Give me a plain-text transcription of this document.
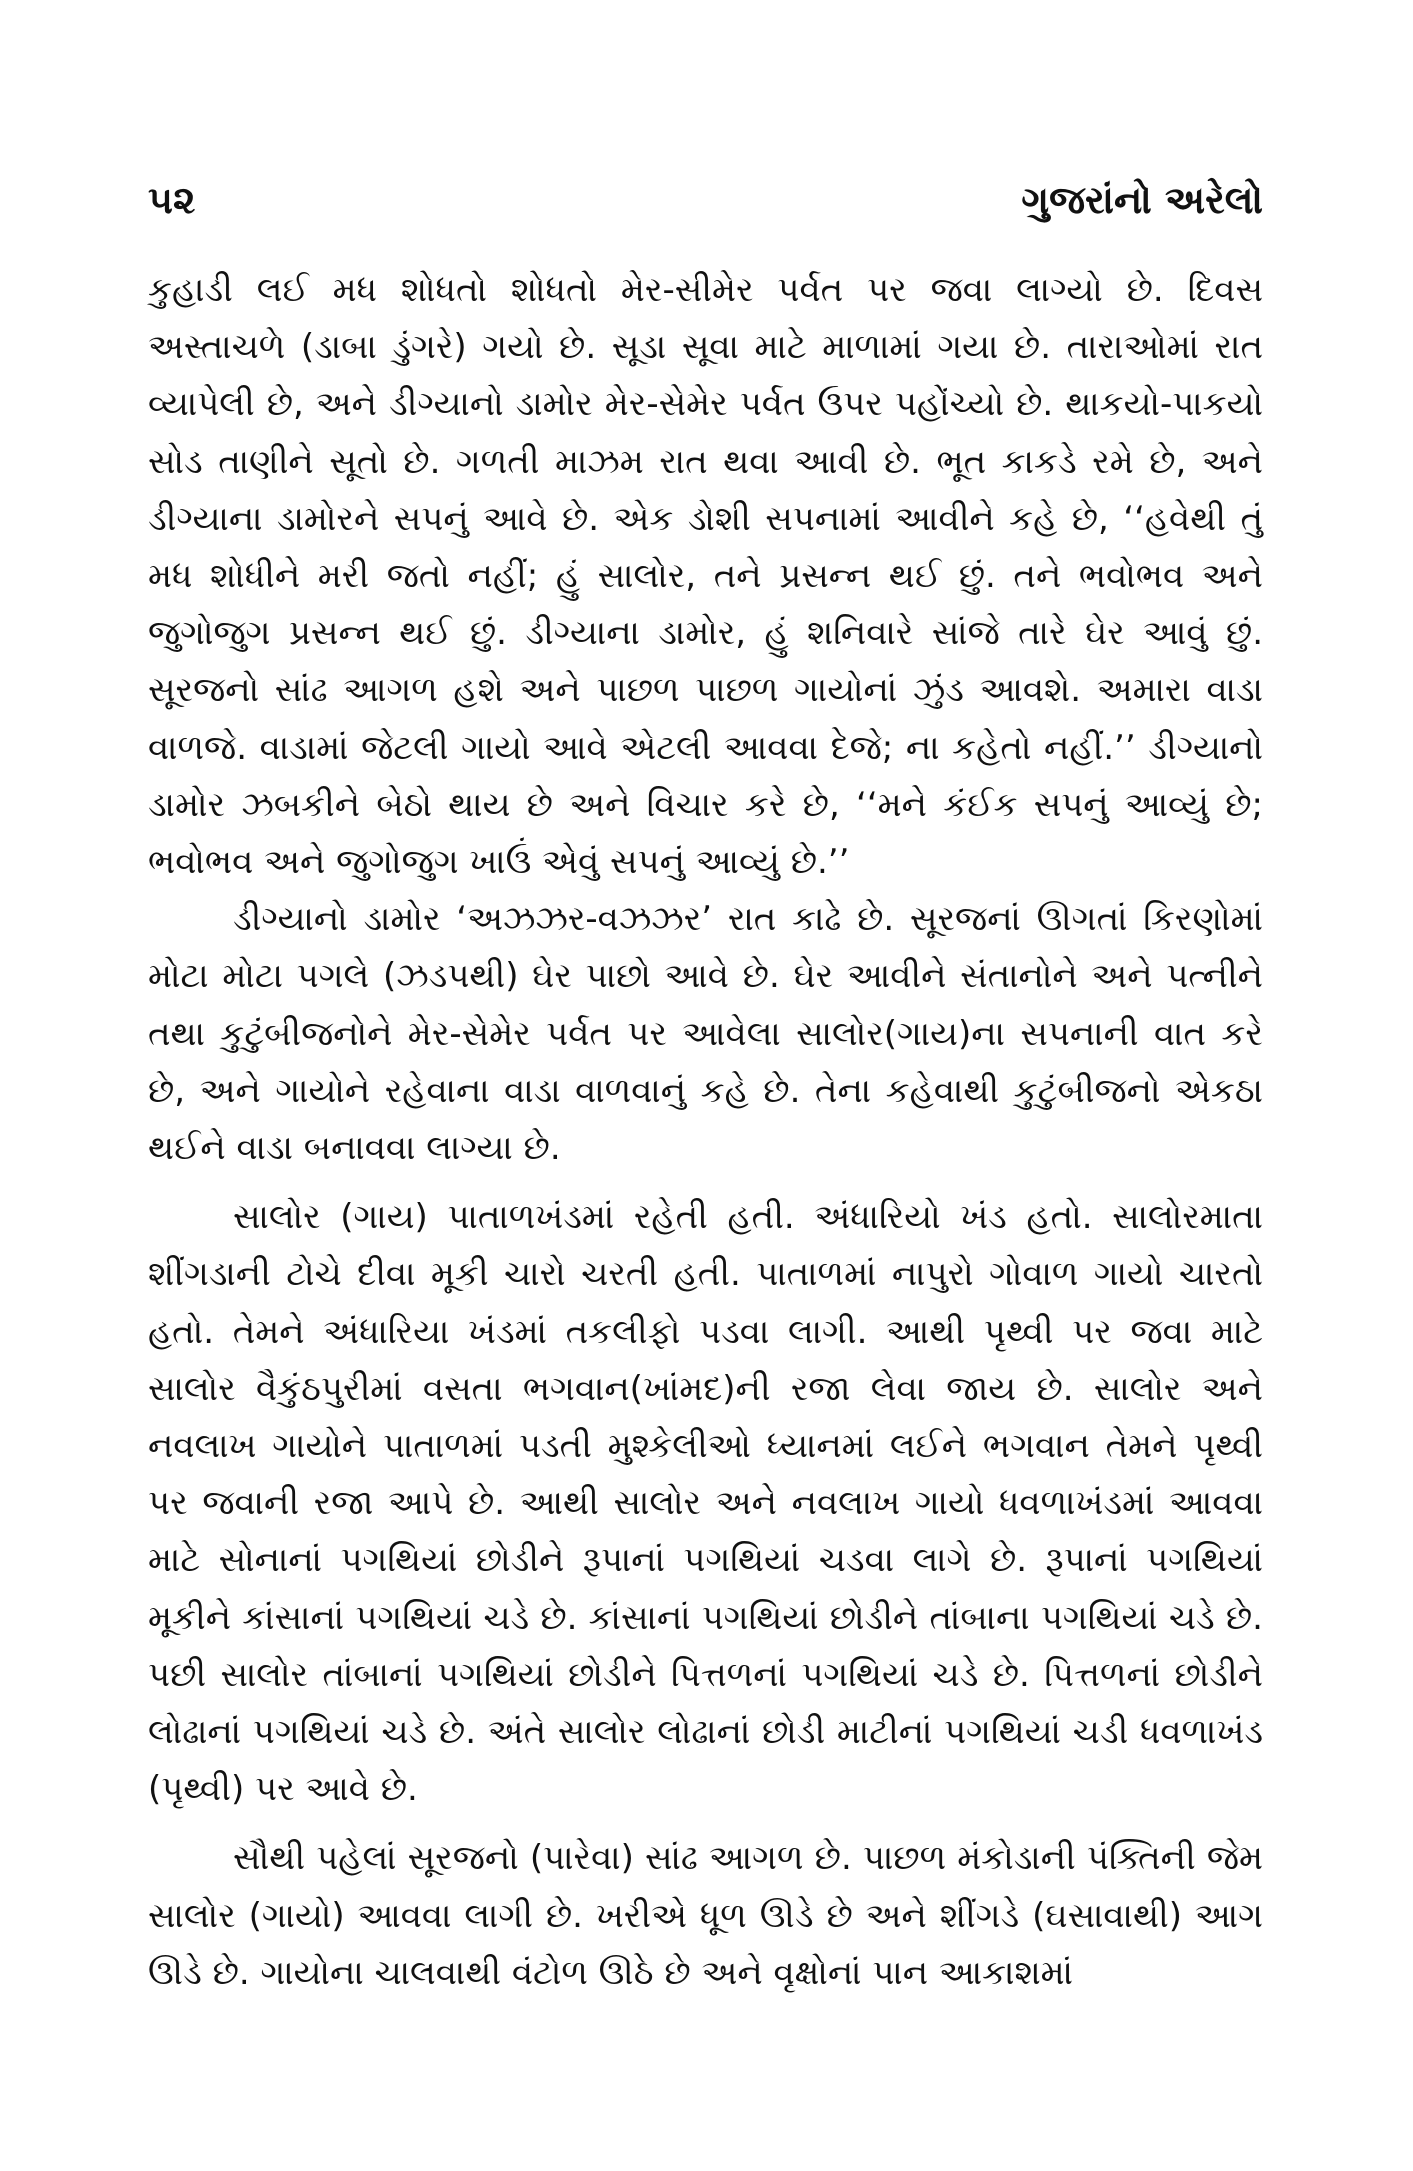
૫૨	ગુજરાંનો અરેલો

કુહાડી લઈ મધ શોધતો શોધતો મેર-સીમેર પર્વત પર જવા લાગ્યો છે. દિવસ અસ્તાચળે (ડાબા ડુંગરે) ગયો છે. સૂડા સૂવા માટે માળામાં ગયા છે. તારાઓમાં રાત વ્યાપેલી છે, અને ડીગ્યાનો ડામોર મેર-સેમેર પર્વત ઉપર પહોંચ્યો છે. થાકયો-પાકયો સોડ તાણીને સૂતો છે. ગળતી માઝમ રાત થવા આવી છે. ભૂત કાકડે રમે છે, અને ડીગ્યાના ડામોરને સપનું આવે છે. એક ડોશી સપનામાં આવીને કહે છે, ‘‘હવેથી તું મધ શોધીને મરી જતો નહીં; હું સાલોર, તને પ્રસન્ન થઈ છું. તને ભવોભવ અને જુગોજુગ પ્રસન્ન થઈ છું. ડીગ્યાના ડામોર, હું શનિવારે સાંજે તારે ઘેર આવું છું. સૂરજનો સાંઢ આગળ હશે અને પાછળ પાછળ ગાયોનાં ઝુંડ આવશે. અમારા વાડા વાળજે. વાડામાં જેટલી ગાયો આવે એટલી આવવા દેજે; ના કહેતો નહીં.’’ ડીગ્યાનો ડામોર ઝબકીને બેઠો થાય છે અને વિચાર કરે છે, ‘‘મને કંઈક સપનું આવ્યું છે; ભવોભવ અને જુગોજુગ ખાઉં એવું સપનું આવ્યું છે.’’

ડીગ્યાનો ડામોર ‘અઝઝર-વઝઝર’ રાત કાઢે છે. સૂરજનાં ઊગતાં કિરણોમાં મોટા મોટા પગલે (ઝડપથી) ઘેર પાછો આવે છે. ઘેર આવીને સંતાનોને અને પત્નીને તથા કુટુંબીજનોને મેર-સેમેર પર્વત પર આવેલા સાલોર(ગાય)ના સપનાની વાત કરે છે, અને ગાયોને રહેવાના વાડા વાળવાનું કહે છે. તેના કહેવાથી કુટુંબીજનો એકઠા થઈને વાડા બનાવવા લાગ્યા છે.

સાલોર (ગાય) પાતાળખંડમાં રહેતી હતી. અંધારિયો ખંડ હતો. સાલોરમાતા શીંગડાની ટોચે દીવા મૂકી ચારો ચરતી હતી. પાતાળમાં નાપુરો ગોવાળ ગાયો ચારતો હતો. તેમને અંધારિયા ખંડમાં તકલીફો પડવા લાગી. આથી પૃથ્વી પર જવા માટે સાલોર વૈકુંઠપુરીમાં વસતા ભગવાન(ખાંમદ)ની રજા લેવા જાય છે. સાલોર અને નવલાખ ગાયોને પાતાળમાં પડતી મુશ્કેલીઓ ધ્યાનમાં લઈને ભગવાન તેમને પૃથ્વી પર જવાની રજા આપે છે. આથી સાલોર અને નવલાખ ગાયો ધવળાખંડમાં આવવા માટે સોનાનાં પગથિયાં છોડીને રૂપાનાં પગથિયાં ચડવા લાગે છે. રૂપાનાં પગથિયાં મૂકીને કાંસાનાં પગથિયાં ચડે છે. કાંસાનાં પગથિયાં છોડીને તાંબાના પગથિયાં ચડે છે. પછી સાલોર તાંબાનાં પગથિયાં છોડીને પિત્તળનાં પગથિયાં ચડે છે. પિત્તળનાં છોડીને લોઢાનાં પગથિયાં ચડે છે. અંતે સાલોર લોઢાનાં છોડી માટીનાં પગથિયાં ચડી ધવળાખંડ (પૃથ્વી) પર આવે છે.

સૌથી પહેલાં સૂરજનો (પારેવા) સાંઢ આગળ છે. પાછળ મંકોડાની પંક્તિની જેમ સાલોર (ગાયો) આવવા લાગી છે. ખરીએ ધૂળ ઊડે છે અને શીંગડે (ઘસાવાથી) આગ ઊડે છે. ગાયોના ચાલવાથી વંટોળ ઊઠે છે અને વૃક્ષોનાં પાન આકાશમાં
